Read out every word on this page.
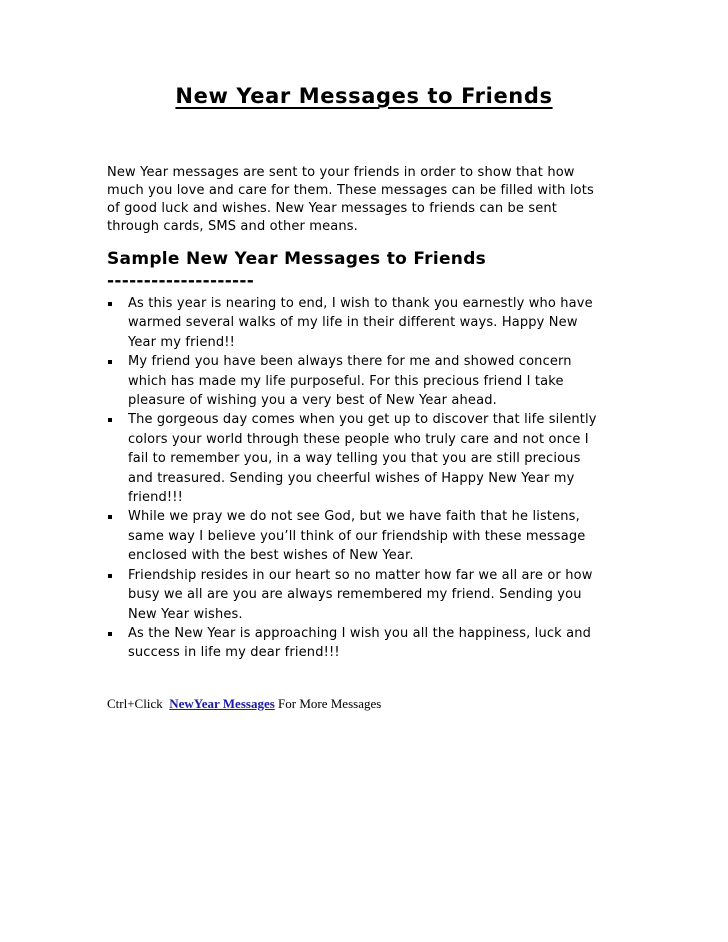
New Year Messages to Friends
New Year messages are sent to your friends in order to show that how
much you love and care for them. These messages can be filled with lots
of good luck and wishes. New Year messages to friends can be sent
through cards, SMS and other means.
Sample New Year Messages to Friends
--------------------
As this year is nearing to end, I wish to thank you earnestly who have
warmed several walks of my life in their different ways. Happy New
Year my friend!!
My friend you have been always there for me and showed concern
which has made my life purposeful. For this precious friend I take
pleasure of wishing you a very best of New Year ahead.
The gorgeous day comes when you get up to discover that life silently
colors your world through these people who truly care and not once I
fail to remember you, in a way telling you that you are still precious
and treasured. Sending you cheerful wishes of Happy New Year my
friend!!!
While we pray we do not see God, but we have faith that he listens,
same way I believe you’ll think of our friendship with these message
enclosed with the best wishes of New Year.
Friendship resides in our heart so no matter how far we all are or how
busy we all are you are always remembered my friend. Sending you
New Year wishes.
As the New Year is approaching I wish you all the happiness, luck and
success in life my dear friend!!!
Ctrl+Click NewYear Messages For More Messages
